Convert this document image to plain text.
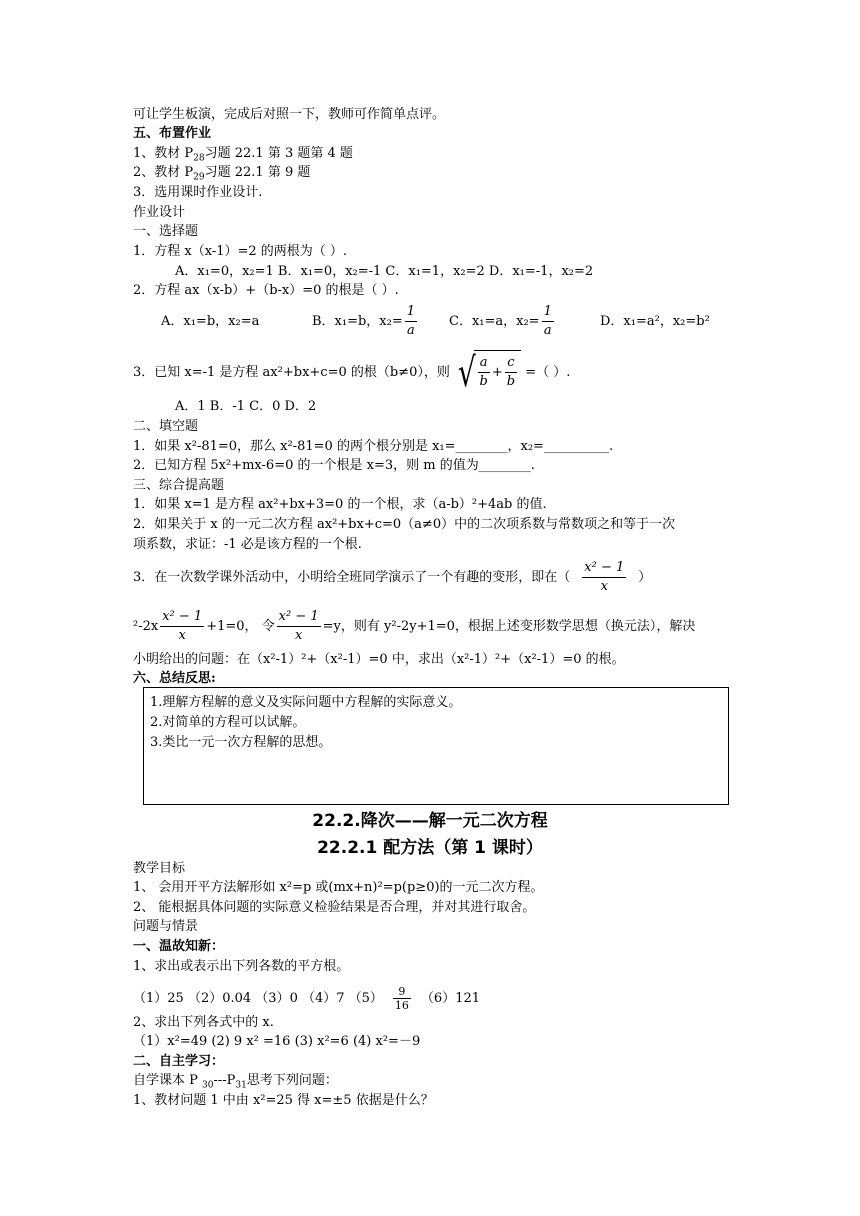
可让学生板演，完成后对照一下，教师可作简单点评。
五、布置作业
1、教材 $P_{28}$习题 22.1 第 3 题第 4 题
2、教材 $P_{29}$习题 22.1 第 9 题
3．选用课时作业设计.
作业设计
一、选择题
1．方程 x（x-1）=2 的两根为（ ）.
A．x₁=0，x₂=1 B．x₁=0，x₂=-1 C．x₁=1，x₂=2 D．x₁=-1，x₂=2
2．方程 ax（x-b）+（b-x）=0 的根是（ ）.
A．x₁=b，x₂=a	B．x₁=b，$x_2= \frac{1}{a}$ C．x₁=a，$x_2= \frac{1}{a}$	D．x₁=a²，x₂=b²
3．已知 x=-1 是方程 ax²+bx+c=0 的根（b≠0），则 √ $\frac{a}{b} + \frac{c}{b}$ =（ ）.
A．1 B．-1 C．0 D．2
二、填空题
1．如果 x²-81=0，那么 x²-81=0 的两个根分别是 x₁=________，x₂=__________.
2．已知方程 5x²+mx-6=0 的一个根是 x=3，则 m 的值为________.
三、综合提高题
1．如果 x=1 是方程 ax²+bx+3=0 的一个根，求（a-b）²+4ab 的值.
2．如果关于 x 的一元二次方程 ax²+bx+c=0（a≠0）中的二次项系数与常数项之和等于一次
项系数，求证：-1 必是该方程的一个根.
3．在一次数学课外活动中，小明给全班同学演示了一个有趣的变形，即在（ $\frac{\text{x² − 1}}{x}$ ）
$^2-2x \frac{\text{x² − 1}}{x} +1=0$， 令 $\frac{\text{x² − 1}}{x} =y$，则有 y²-2y+1=0，根据上述变形数学思想（换元法），解决
小明给出的问题：在（x²-1）²+（x²-1）=0 中，求出（x²-1）²+（x²-1）=0 的根。
六、总结反思:
1.理解方程解的意义及实际问题中方程解的实际意义。
2.对简单的方程可以试解。
3.类比一元一次方程解的思想。
22.2.降次——解一元二次方程
22.2.1 配方法（第 1 课时）
教学目标
1、 会用开平方法解形如 x²=p 或(mx+n)²=p(p≥0)的一元二次方程。
2、 能根据具体问题的实际意义检验结果是否合理，并对其进行取舍。
问题与情景
一、温故知新：
1、求出或表示出下列各数的平方根。
（1）25 （2）0.04 （3）0 （4）7 $(5) \frac{9}{16} (6)121$
2、求出下列各式中的 x.
（1）x²=49 (2) 9 x² =16 (3) x²=6 (4) x²=－9
二、自主学习：
自学课本 P $_{30}---P_{31}$思考下列问题：
1、教材问题 1 中由 x²=25 得 x=±5 依据是什么？
